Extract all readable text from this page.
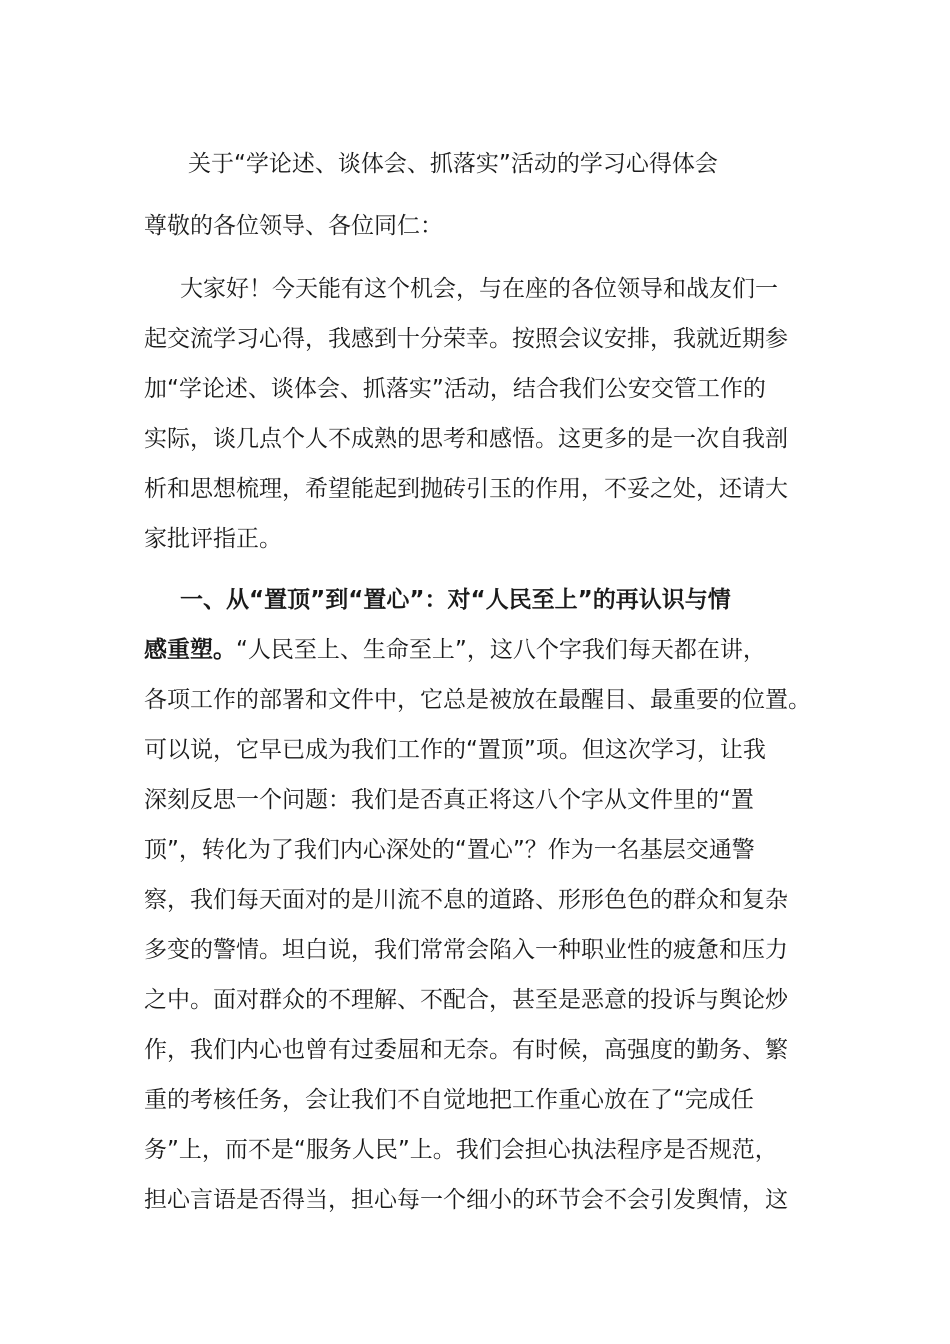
关于“学论述、谈体会、抓落实”活动的学习心得体会
尊敬的各位领导、各位同仁：
大家好！今天能有这个机会，与在座的各位领导和战友们一
起交流学习心得，我感到十分荣幸。按照会议安排，我就近期参
加“学论述、谈体会、抓落实”活动，结合我们公安交管工作的
实际，谈几点个人不成熟的思考和感悟。这更多的是一次自我剖
析和思想梳理，希望能起到抛砖引玉的作用，不妥之处，还请大
家批评指正。
一、从“置顶”到“置心”：对“人民至上”的再认识与情
感重塑。“人民至上、生命至上”，这八个字我们每天都在讲，
各项工作的部署和文件中，它总是被放在最醒目、最重要的位置。
可以说，它早已成为我们工作的“置顶”项。但这次学习，让我
深刻反思一个问题：我们是否真正将这八个字从文件里的“置
顶”，转化为了我们内心深处的“置心”？作为一名基层交通警
察，我们每天面对的是川流不息的道路、形形色色的群众和复杂
多变的警情。坦白说，我们常常会陷入一种职业性的疲惫和压力
之中。面对群众的不理解、不配合，甚至是恶意的投诉与舆论炒
作，我们内心也曾有过委屈和无奈。有时候，高强度的勤务、繁
重的考核任务，会让我们不自觉地把工作重心放在了“完成任
务”上，而不是“服务人民”上。我们会担心执法程序是否规范，
担心言语是否得当，担心每一个细小的环节会不会引发舆情，这
